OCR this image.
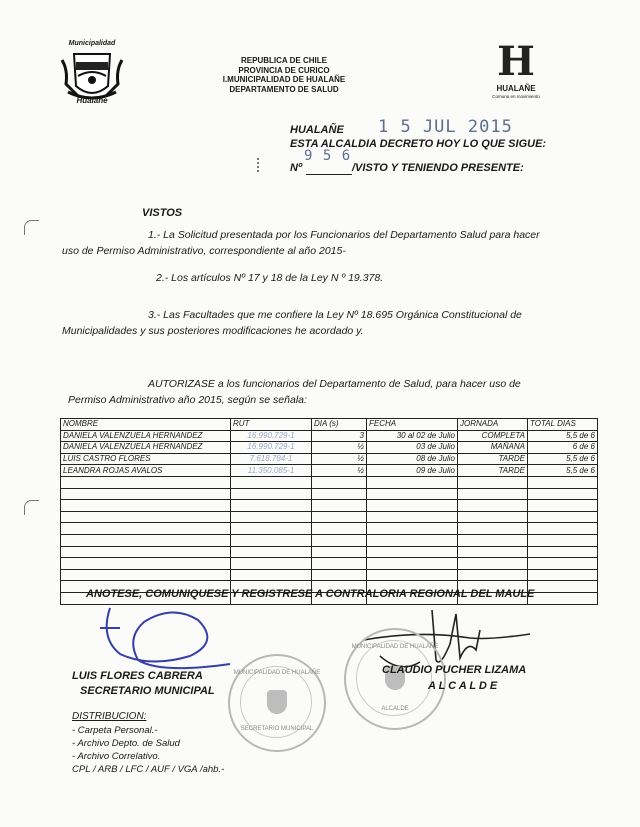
Municipalidad
Hualañe
REPUBLICA DE CHILE
PROVINCIA DE CURICO
I.MUNICIPALIDAD DE HUALAÑE
DEPARTAMENTO DE SALUD
H
HUALAÑE
Comuna en movimiento
HUALAÑE 1 5 JUL 2015
ESTA ALCALDIA DECRETO HOY LO QUE SIGUE:
Nº
9 5 6
/VISTO Y TENIENDO PRESENTE:
VISTOS
1.- La Solicitud presentada por los Funcionarios del Departamento Salud para hacer
uso de Permiso Administrativo, correspondiente al año 2015-
2.- Los artículos Nº 17 y 18 de la Ley N º 19.378.
3.- Las Facultades que me confiere la Ley Nº 18.695 Orgánica Constitucional de
Municipalidades y sus posteriores modificaciones he acordado y.
AUTORIZASE a los funcionarios del Departamento de Salud, para hacer uso de
Permiso Administrativo año 2015, según se señala:
NOMBRE	RUT	DIA (s)	FECHA	JORNADA	TOTAL DIAS
DANIELA VALENZUELA HERNANDEZ	16.990.729-1	3	30 al 02 de Julio	COMPLETA	5,5 de 6
DANIELA VALENZUELA HERNANDEZ	16.990.729-1	½	03 de Julio	MAÑANA	6 de 6
LUIS CASTRO FLORES	7.618.784-1	½	08 de Julio	TARDE	5,5 de 6
LEANDRA ROJAS AVALOS	11.350.085-1	½	09 de Julio	TARDE	5,5 de 6

ANOTESE, COMUNIQUESE Y REGISTRESE A CONTRALORIA REGIONAL DEL MAULE
MUNICIPALIDAD DE HUALAÑE
SECRETARIO MUNICIPAL
MUNICIPALIDAD DE HUALAÑE
ALCALDE
LUIS FLORES CABRERA
SECRETARIO MUNICIPAL
CLAUDIO PUCHER LIZAMA
A L C A L D E
DISTRIBUCION:
- Carpeta Personal.-
- Archivo Depto. de Salud
- Archivo Correlativo.
CPL / ARB / LFC / AUF / VGA /ahb.-
